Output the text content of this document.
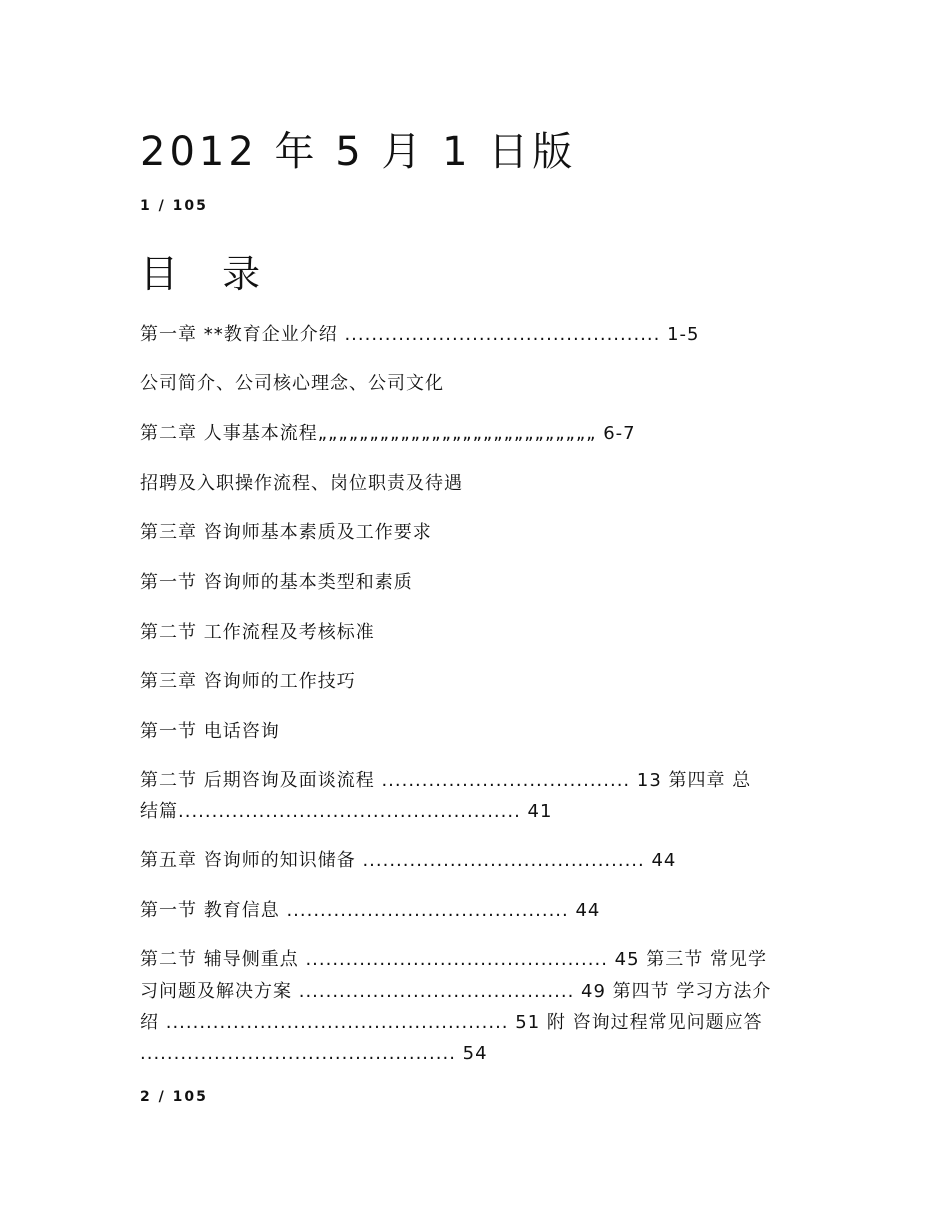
2012 年 5 月 1 日版
1 / 105
目 录
第一章 **教育企业介绍 ............................................... 1-5
公司简介、公司核心理念、公司文化
第二章 人事基本流程„„„„„„„„„„„„„„„„„„„„„„„„„„„ 6-7
招聘及入职操作流程、岗位职责及待遇
第三章 咨询师基本素质及工作要求
第一节 咨询师的基本类型和素质
第二节 工作流程及考核标准
第三章 咨询师的工作技巧
第一节 电话咨询
第二节 后期咨询及面谈流程 ..................................... 13 第四章 总
结篇................................................... 41
第五章 咨询师的知识储备 .......................................... 44
第一节 教育信息 .......................................... 44
第二节 辅导侧重点 ............................................. 45 第三节 常见学
习问题及解决方案 ......................................... 49 第四节 学习方法介
绍 ................................................... 51 附 咨询过程常见问题应答
............................................... 54
2 / 105
